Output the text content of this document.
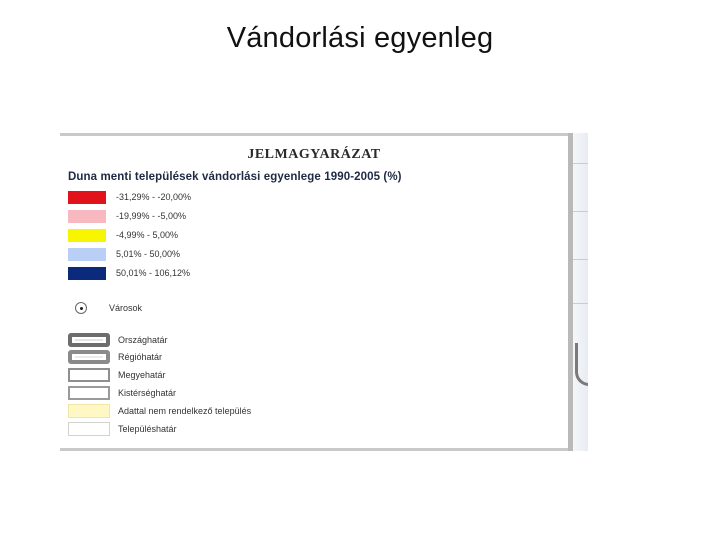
Vándorlási egyenleg
JELMAGYARÁZAT
Duna menti települések vándorlási egyenlege 1990-2005 (%)
-31,29% - -20,00%
-19,99% - -5,00%
-4,99% - 5,00%
5,01% - 50,00%
50,01% - 106,12%
Városok
Országhatár
Régióhatár
Megyehatár
Kistérséghatár
Adattal nem rendelkező település
Településhatár
